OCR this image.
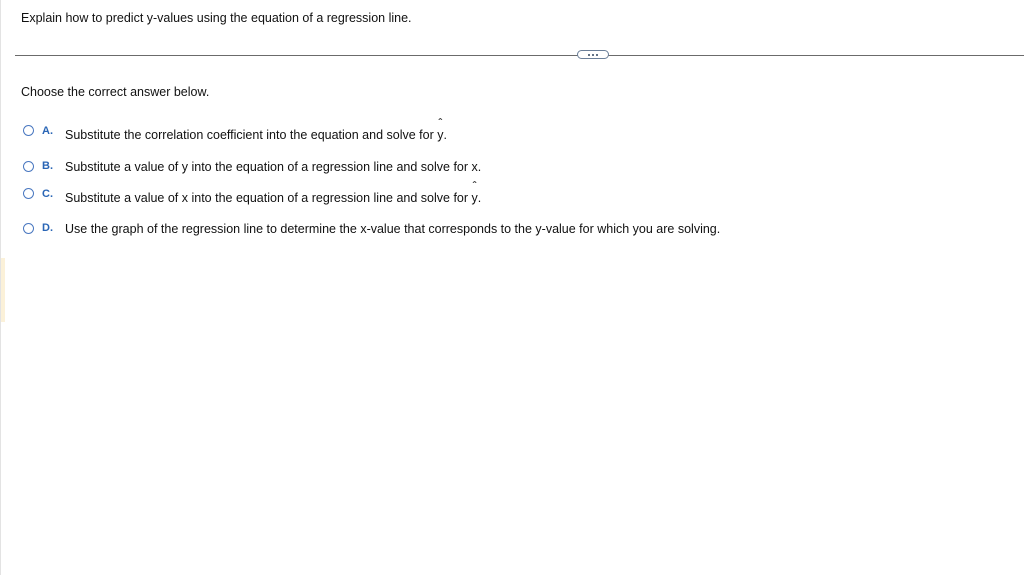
Explain how to predict y-values using the equation of a regression line.
Choose the correct answer below.
A. Substitute the correlation coefficient into the equation and solve for ˆ y.
B. Substitute a value of y into the equation of a regression line and solve for x.
C. Substitute a value of x into the equation of a regression line and solve for ˆ y.
D. Use the graph of the regression line to determine the x-value that corresponds to the y-value for which you are solving.
